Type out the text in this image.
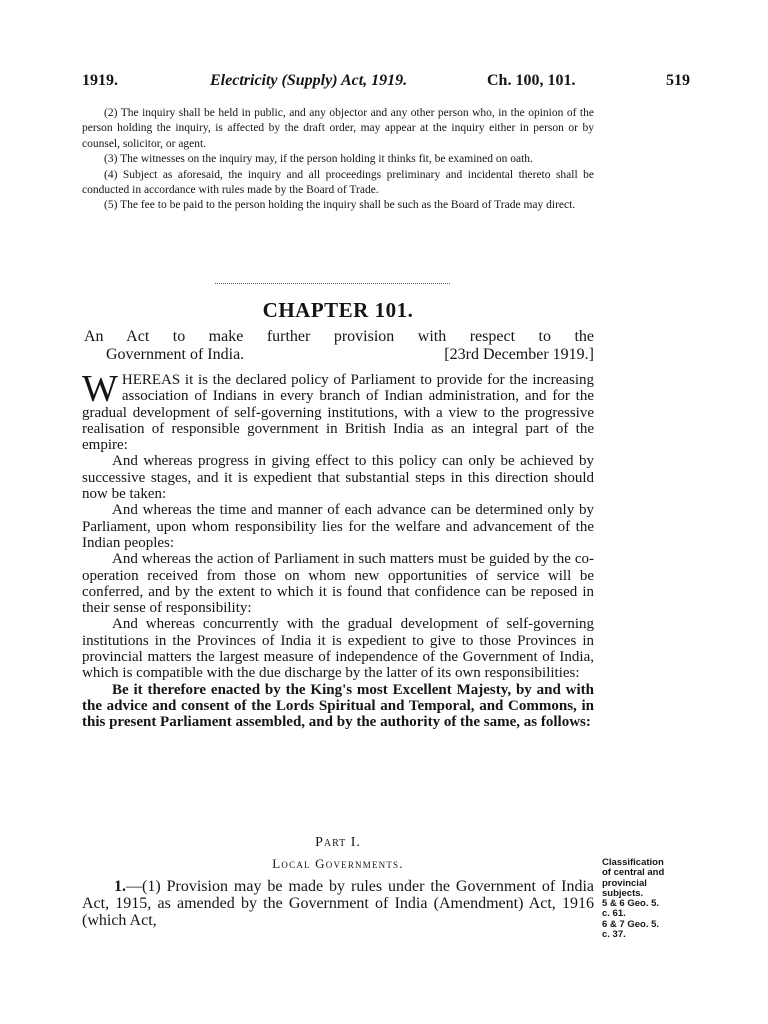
1919.	Electricity (Supply) Act, 1919.	Ch. 100, 101.	519

(2) The inquiry shall be held in public, and any objector and any other person who, in the opinion of the person holding the inquiry, is affected by the draft order, may appear at the inquiry either in person or by counsel, solicitor, or agent.

(3) The witnesses on the inquiry may, if the person holding it thinks fit, be examined on oath.

(4) Subject as aforesaid, the inquiry and all proceedings preliminary and incidental thereto shall be conducted in accordance with rules made by the Board of Trade.

(5) The fee to be paid to the person holding the inquiry shall be such as the Board of Trade may direct.

CHAPTER 101.
An Act to make further provision with respect to the
Government of India.	[23rd December 1919.]

WHEREAS it is the declared policy of Parliament to provide for the increasing association of Indians in every branch of Indian administration, and for the gradual development of self-governing institutions, with a view to the progressive realisation of responsible government in British India as an integral part of the empire:

And whereas progress in giving effect to this policy can only be achieved by successive stages, and it is expedient that substantial steps in this direction should now be taken:

And whereas the time and manner of each advance can be determined only by Parliament, upon whom responsibility lies for the welfare and advancement of the Indian peoples:

And whereas the action of Parliament in such matters must be guided by the co-operation received from those on whom new opportunities of service will be conferred, and by the extent to which it is found that confidence can be reposed in their sense of responsibility:

And whereas concurrently with the gradual development of self-governing institutions in the Provinces of India it is expedient to give to those Provinces in provincial matters the largest measure of independence of the Government of India, which is compatible with the due discharge by the latter of its own responsibilities:

Be it therefore enacted by the King's most Excellent Majesty, by and with the advice and consent of the Lords Spiritual and Temporal, and Commons, in this present Parliament assembled, and by the authority of the same, as follows:

Part I.
Local Governments.

1.—(1) Provision may be made by rules under the Government of India Act, 1915, as amended by the Government of India (Amendment) Act, 1916 (which Act,

Classification
of central and
provincial
subjects.
5 & 6 Geo. 5.
c. 61.
6 & 7 Geo. 5.
c. 37.
